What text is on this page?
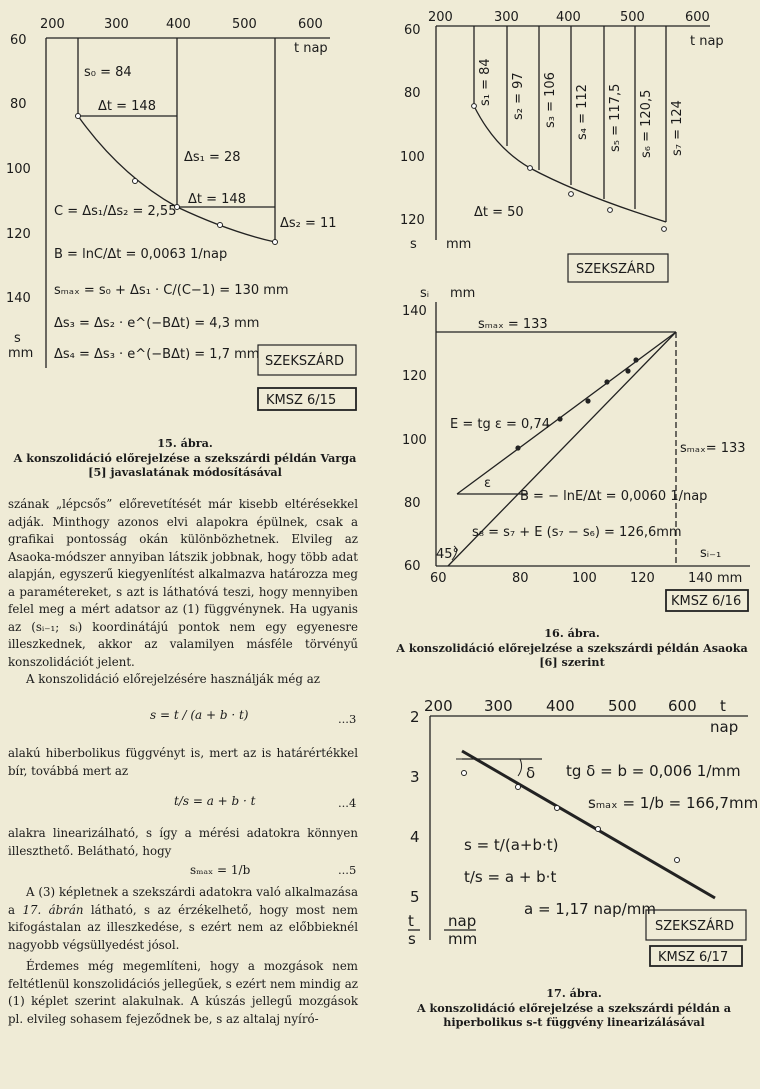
200	300	400	500	600
t nap
60
80
100
120
140
s
mm
s₀ = 84
Δt = 148
Δs₁ = 28
Δt = 148
Δs₂ = 11
C = Δs₁/Δs₂ = 2,55
B = lnC/Δt = 0,0063 1/nap
sₘₐₓ = s₀ + Δs₁ · C/(C−1) = 130 mm
Δs₃ = Δs₂ · e^(−BΔt) = 4,3 mm
Δs₄ = Δs₃ · e^(−BΔt) = 1,7 mm SZEKSZÁRD
KMSZ 6/15
15. ábra.
A konszolidáció előrejelzése a szekszárdi példán Varga [5] javaslatának módosításával
200	300	400	500	600
t nap
60
80
100
120
s mm
Δt = 50
s₁ = 84 s₂ = 97 s₃ = 106 s₄ = 112 s₅ = 117,5 s₆ = 120,5 s₇ = 124
SZEKSZÁRD
sᵢ mm
140
120
100
80
60
60	80	100	120	140 mm
sᵢ₋₁
sₘₐₓ = 133
sₘₐₓ= 133
E = tg ε = 0,74
ε
B = − lnE/Δt = 0,0060 1/nap
s₈ = s₇ + E (s₇ − s₆) = 126,6mm
45°
KMSZ 6/16
16. ábra.
A konszolidáció előrejelzése a szekszárdi példán Asaoka [6] szerint
200 300 400 500 600 t
nap
2
3
4
5
t
s
nap
mm
tg δ = b = 0,006 1/mm
sₘₐₓ = 1/b = 166,7mm
s = t/(a+b·t)
t/s = a + b·t
a = 1,17 nap/mm
δ
SZEKSZÁRD
KMSZ 6/17
17. ábra.
A konszolidáció előrejelzése a szekszárdi példán a hiperbolikus s-t függvény linearizálásával

szának „lépcsős” előrevetítését már kisebb eltérésekkel adják. Minthogy azonos elvi alapokra épülnek, csak a grafikai pontosság okán különbözhetnek. Elvileg az Asaoka-módszer annyiban látszik jobbnak, hogy több adat alapján, egyszerű kiegyenlítést alkalmazva határozza meg a paramétereket, s azt is láthatóvá teszi, hogy mennyiben felel meg a mért adatsor az (1) függvénynek. Ha ugyanis az (sᵢ₋₁; sᵢ) koordinátájú pontok nem egy egyenesre illeszkednek, akkor az valamilyen másféle törvényű konszolidációt jelent.

A konszolidáció előrejelzésére használják még az

s = t / (a + b · t)	...3

alakú hiberbolikus függvényt is, mert az is határértékkel bír, továbbá mert az

t/s = a + b · t	...4

alakra linearizálható, s így a mérési adatokra könnyen illeszthető. Belátható, hogy

sₘₐₓ = 1/b	...5

A (3) képletnek a szekszárdi adatokra való alkalmazása a 17. ábrán látható, s az érzékelhető, hogy most nem kifogástalan az illeszkedése, s ezért nem az előbbieknél nagyobb végsüllyedést jósol.

Érdemes még megemlíteni, hogy a mozgások nem feltétlenül konszolidációs jellegűek, s ezért nem mindig az (1) képlet szerint alakulnak. A kúszás jellegű mozgások pl. elvileg sohasem fejeződnek be, s az altalaj nyíró-
